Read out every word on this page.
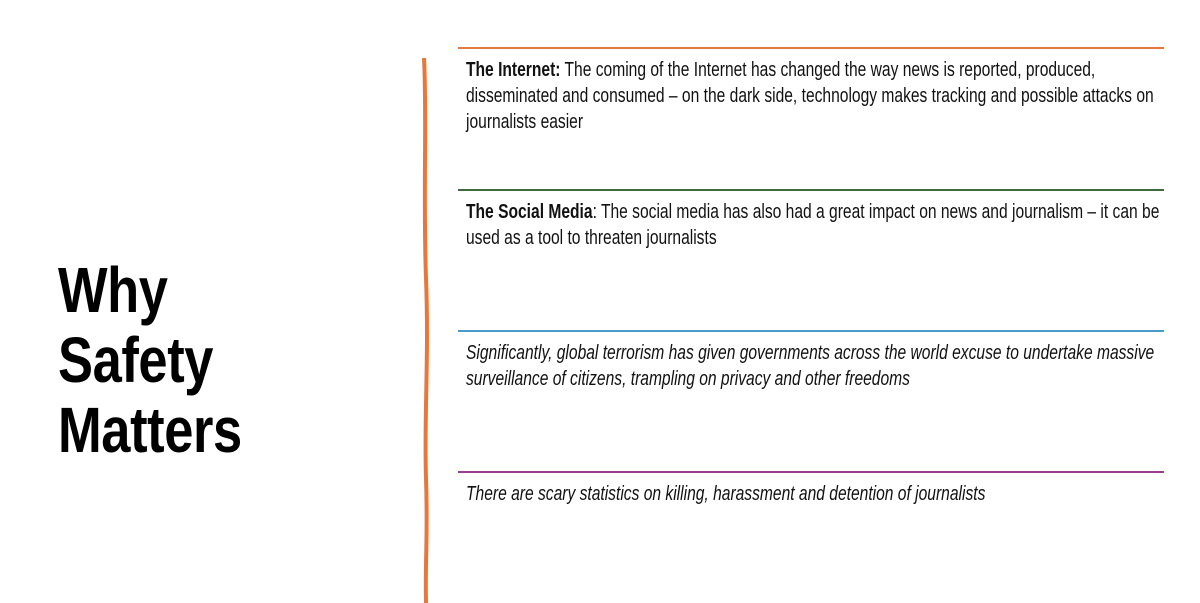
Why Safety
Matters

The Internet: The coming of the Internet has changed the way news is reported, produced, disseminated and consumed – on the dark side, technology makes tracking and possible attacks on journalists easier

The Social Media: The social media has also had a great impact on news and journalism – it can be used as a tool to threaten journalists

Significantly, global terrorism has given governments across the world excuse to undertake massive surveillance of citizens, trampling on privacy and other freedoms

There are scary statistics on killing, harassment and detention of journalists
